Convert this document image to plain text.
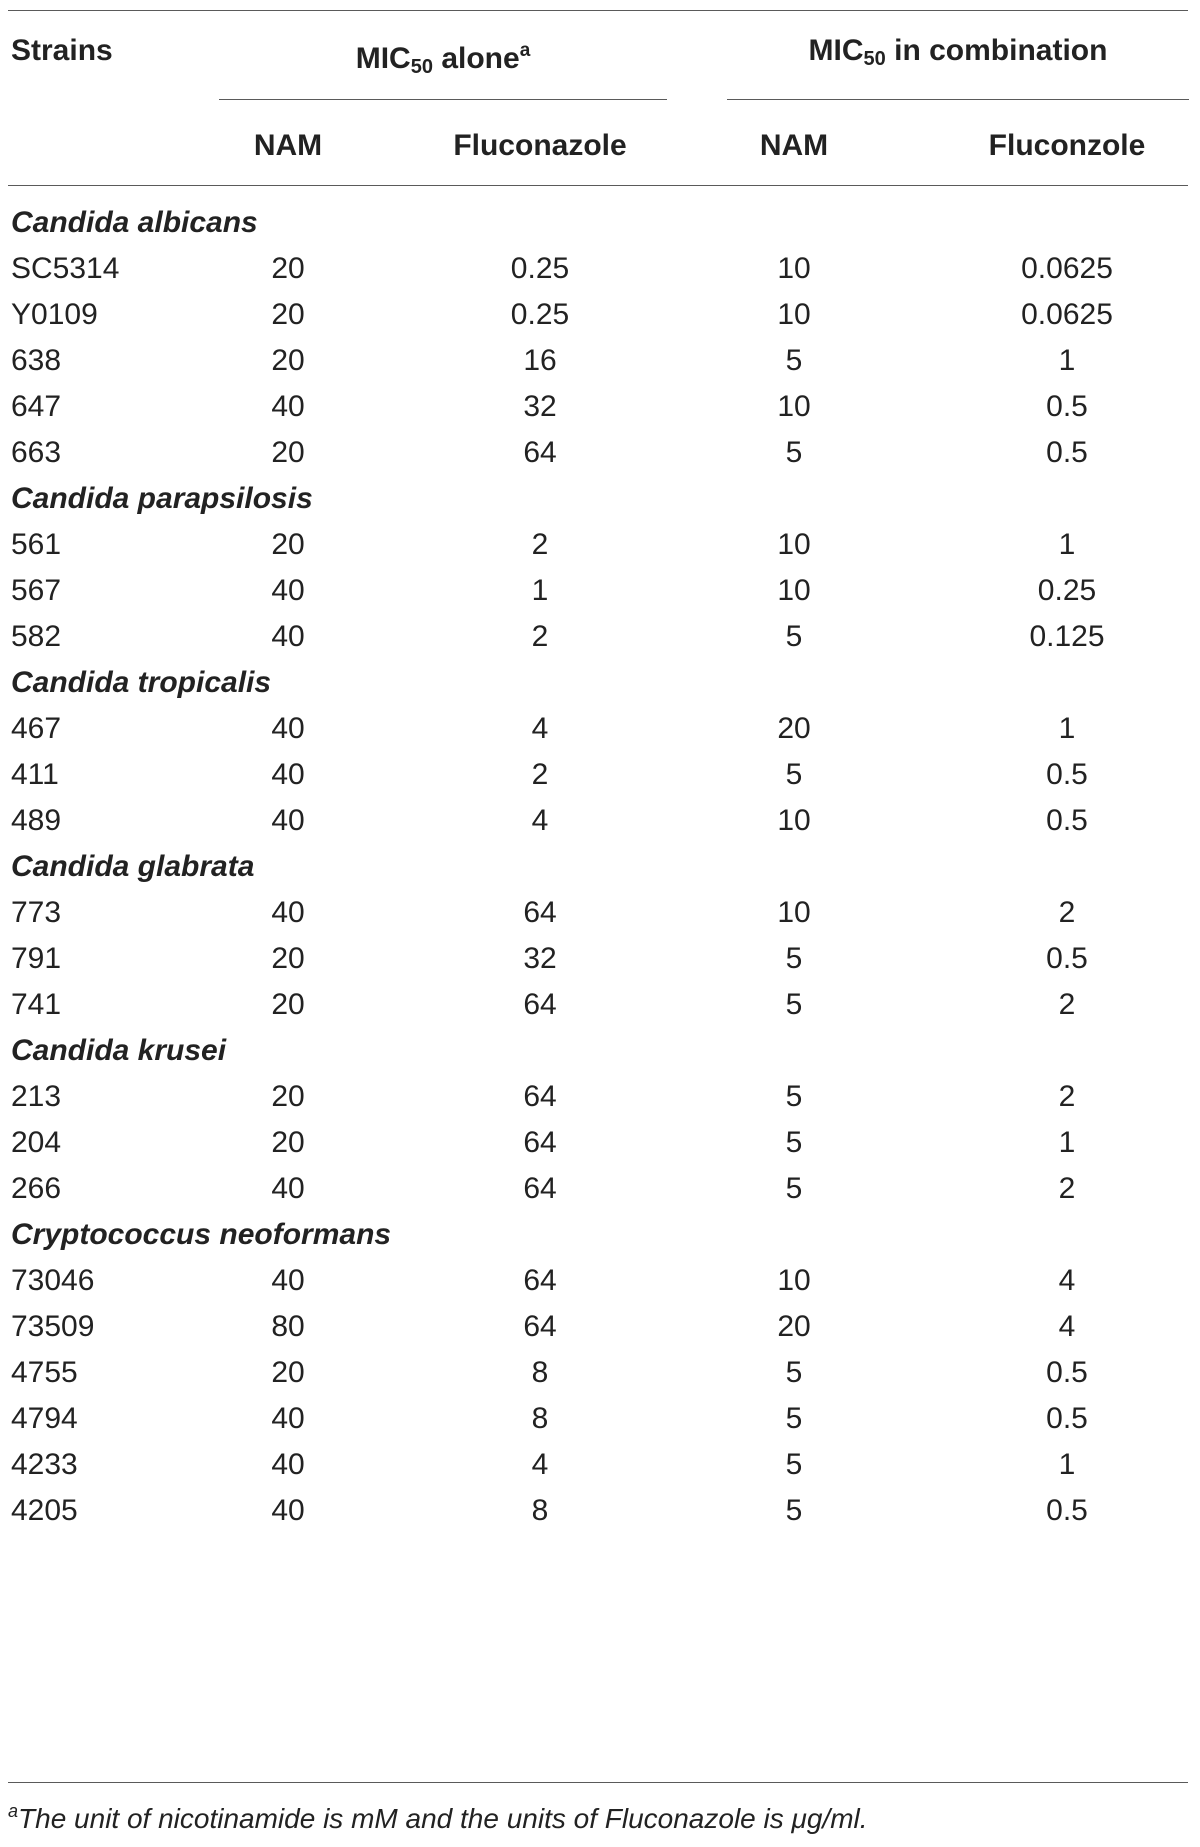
Strains	$MIC_{50}$ alone$^a$	$MIC_{50}$ in combination
NAM	Fluconazole	NAM	Fluconzole
Candida albicans
SC5314	20	0.25	10	0.0625
Y0109	20	0.25	10	0.0625
638	20	16	5	1
647	40	32	10	0.5
663	20	64	5	0.5
Candida parapsilosis
561	20	2	10	1
567	40	1	10	0.25
582	40	2	5	0.125
Candida tropicalis
467	40	4	20	1
411	40	2	5	0.5
489	40	4	10	0.5
Candida glabrata
773	40	64	10	2
791	20	32	5	0.5
741	20	64	5	2
Candida krusei
213	20	64	5	2
204	20	64	5	1
266	40	64	5	2
Cryptococcus neoformans
73046	40	64	10	4
73509	80	64	20	4
4755	20	8	5	0.5
4794	40	8	5	0.5
4233	40	4	5	1
4205	40	8	5	0.5
$^a$The unit of nicotinamide is mM and the units of Fluconazole is μg/ml.
